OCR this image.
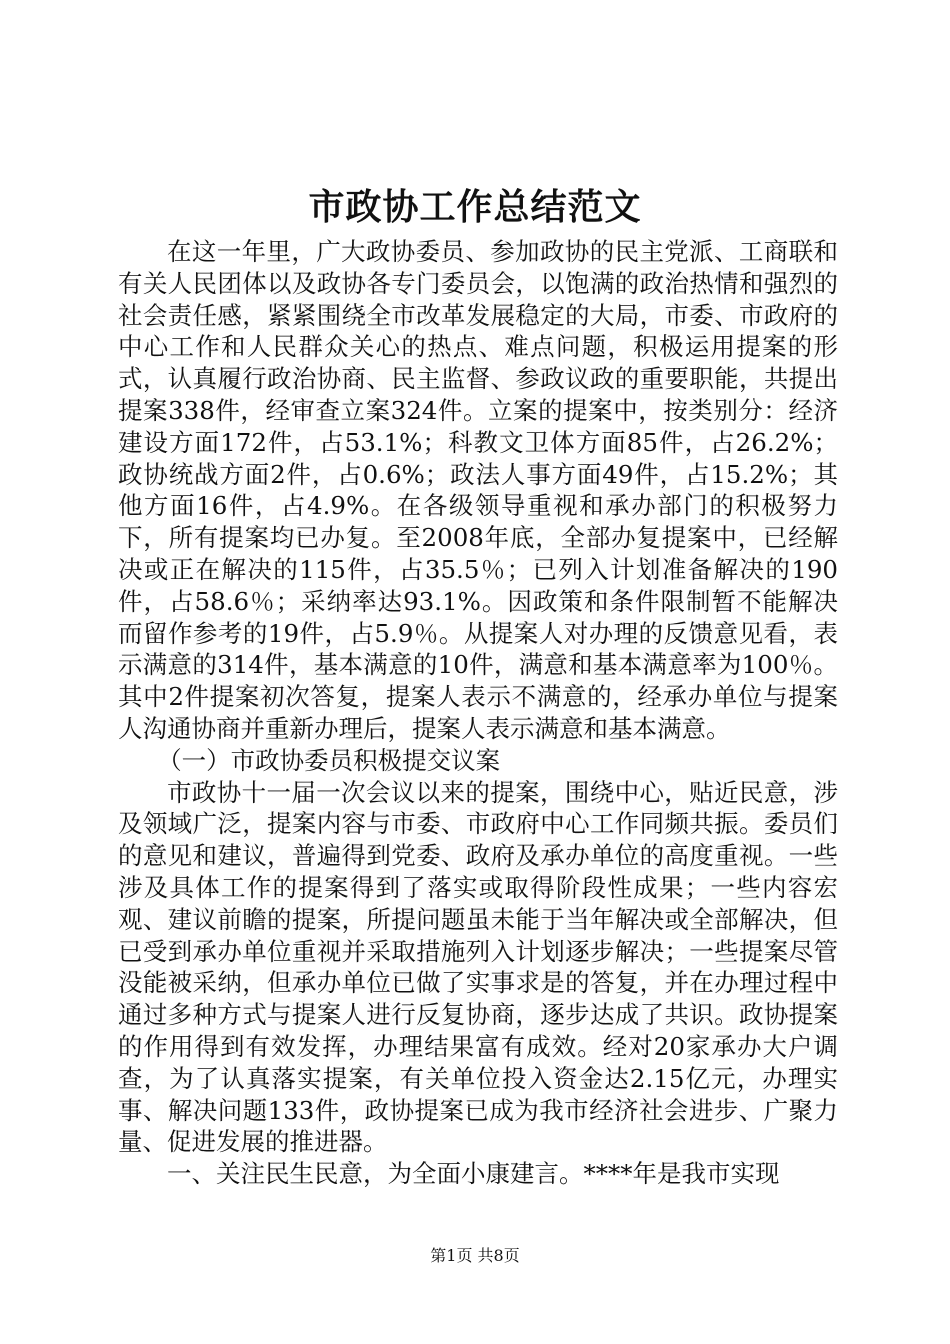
市政协工作总结范文

在这一年里，广大政协委员、参加政协的民主党派、工商联和有关人民团体以及政协各专门委员会，以饱满的政治热情和强烈的社会责任感，紧紧围绕全市改革发展稳定的大局，市委、市政府的中心工作和人民群众关心的热点、难点问题，积极运用提案的形式，认真履行政治协商、民主监督、参政议政的重要职能，共提出提案338件，经审查立案324件。立案的提案中，按类别分：经济建设方面172件，占53.1%；科教文卫体方面85件，占26.2%；政协统战方面2件，占0.6%；政法人事方面49件，占15.2%；其他方面16件，占4.9%。在各级领导重视和承办部门的积极努力下，所有提案均已办复。至2008年底，全部办复提案中，已经解决或正在解决的115件，占35.5％；已列入计划准备解决的190件，占58.6％；采纳率达93.1%。因政策和条件限制暂不能解决而留作参考的19件，占5.9％。从提案人对办理的反馈意见看，表示满意的314件，基本满意的10件，满意和基本满意率为100％。其中2件提案初次答复，提案人表示不满意的，经承办单位与提案人沟通协商并重新办理后，提案人表示满意和基本满意。

（一）市政协委员积极提交议案

市政协十一届一次会议以来的提案，围绕中心，贴近民意，涉及领域广泛，提案内容与市委、市政府中心工作同频共振。委员们的意见和建议，普遍得到党委、政府及承办单位的高度重视。一些涉及具体工作的提案得到了落实或取得阶段性成果；一些内容宏观、建议前瞻的提案，所提问题虽未能于当年解决或全部解决，但已受到承办单位重视并采取措施列入计划逐步解决；一些提案尽管没能被采纳，但承办单位已做了实事求是的答复，并在办理过程中通过多种方式与提案人进行反复协商，逐步达成了共识。政协提案的作用得到有效发挥，办理结果富有成效。经对20家承办大户调查，为了认真落实提案，有关单位投入资金达2.15亿元，办理实事、解决问题133件，政协提案已成为我市经济社会进步、广聚力量、促进发展的推进器。

一、关注民生民意，为全面小康建言。****年是我市实现

第1页 共8页
